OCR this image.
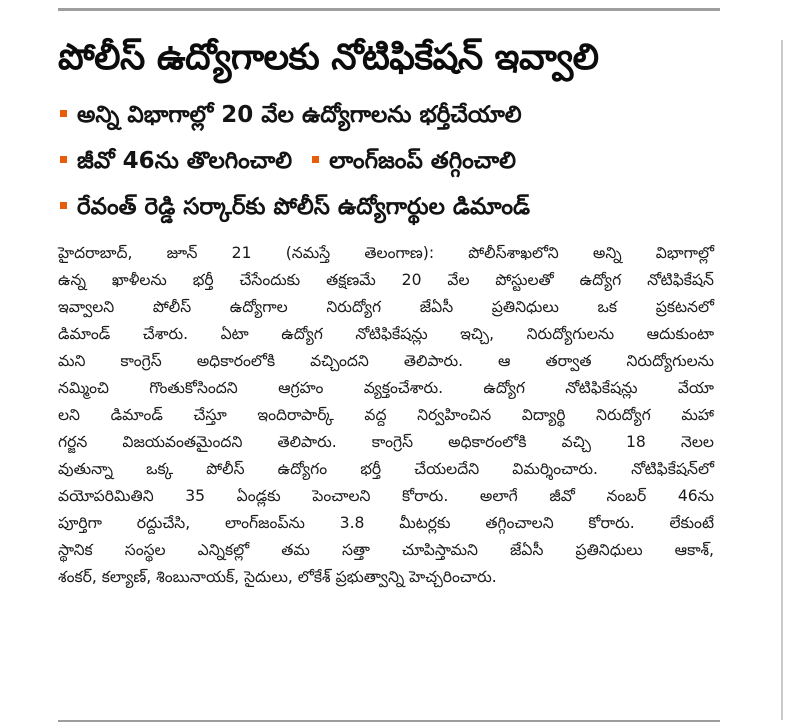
పోలీస్ ఉద్యోగాలకు నోటిఫికేషన్ ఇవ్వాలి
అన్ని విభాగాల్లో 20 వేల ఉద్యోగాలను భర్తీచేయాలి
జీవో 46ను తొలగించాలి లాంగ్‌జంప్ తగ్గించాలి
రేవంత్ రెడ్డి సర్కార్‌కు పోలీస్ ఉద్యోగార్థుల డిమాండ్
హైదరాబాద్, జూన్ 21 (నమస్తే తెలంగాణ): పోలీస్‌శాఖలోని అన్ని విభాగాల్లో
ఉన్న ఖాళీలను భర్తీ చేసేందుకు తక్షణమే 20 వేల పోస్టులతో ఉద్యోగ నోటిఫికేషన్
ఇవ్వాలని పోలీస్ ఉద్యోగాల నిరుద్యోగ జేఏసీ ప్రతినిధులు ఒక ప్రకటనలో
డిమాండ్ చేశారు. ఏటా ఉద్యోగ నోటిఫికేషన్లు ఇచ్చి, నిరుద్యోగులను ఆదుకుంటా
మని కాంగ్రెస్ అధికారంలోకి వచ్చిందని తెలిపారు. ఆ తర్వాత నిరుద్యోగులను
నమ్మించి గొంతుకోసిందని ఆగ్రహం వ్యక్తంచేశారు. ఉద్యోగ నోటిఫికేషన్లు వేయా
లని డిమాండ్ చేస్తూ ఇందిరాపార్క్ వద్ద నిర్వహించిన విద్యార్థి నిరుద్యోగ మహా
గర్జన విజయవంతమైందని తెలిపారు. కాంగ్రెస్ అధికారంలోకి వచ్చి 18 నెలల
వుతున్నా ఒక్క పోలీస్ ఉద్యోగం భర్తీ చేయలదేని విమర్శించారు. నోటిఫికేషన్‌లో
వయోపరిమితిని 35 ఏండ్లకు పెంచాలని కోరారు. అలాగే జీవో నంబర్ 46ను
పూర్తిగా రద్దుచేసి, లాంగ్‌జంప్‌ను 3.8 మీటర్లకు తగ్గించాలని కోరారు. లేకుంటే
స్థానిక సంస్థల ఎన్నికల్లో తమ సత్తా చూపిస్తామని జేఏసీ ప్రతినిధులు ఆకాశ్,
శంకర్, కల్యాణ్, శింబునాయక్, సైదులు, లోకేశ్ ప్రభుత్వాన్ని హెచ్చరించారు.
